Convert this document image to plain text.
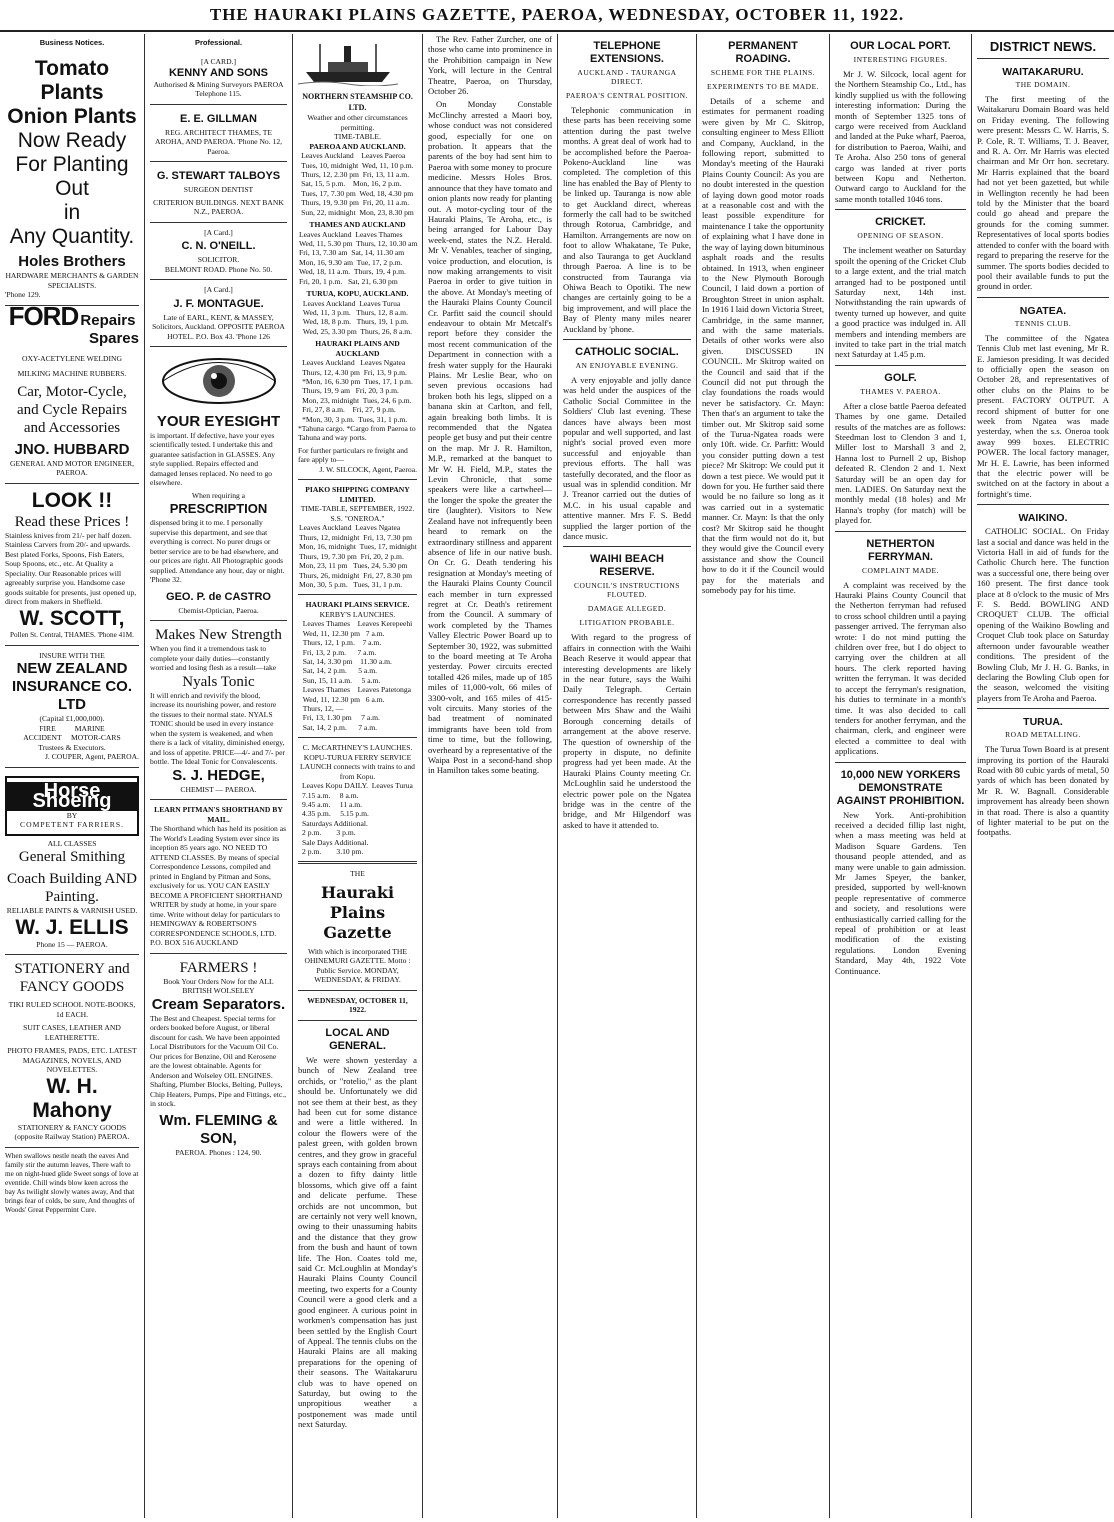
THE HAURAKI PLAINS GAZETTE, PAEROA, WEDNESDAY, OCTOBER 11, 1922.
Business Notices.
Tomato Plants
Onion Plants
Now Ready
For Planting Out
in
Any Quantity.
Holes Brothers
HARDWARE MERCHANTS & GARDEN SPECIALISTS.
'Phone 129.
FORD Repairs
Spares
OXY-ACETYLENE WELDING
MILKING MACHINE RUBBERS.
Car, Motor-Cycle, and Cycle Repairs and Accessories
JNO. HUBBARD
GENERAL AND MOTOR ENGINEER, PAEROA.
LOOK !!
Read these Prices !
Stainless knives from 21/- per half dozen. Stainless Carvers from 20/- and upwards. Best plated Forks, Spoons, Fish Eaters, Soup Spoons, etc., etc. At Quality a Speciality. Our Reasonable prices will agreeably surprise you. Handsome case goods suitable for presents, just opened up, direct from makers in Sheffield.
W. SCOTT,
Pollen St. Central, THAMES. 'Phone 41M.
INSURE WITH THE
NEW ZEALAND INSURANCE CO. LTD
(Capital £1,000,000).
FIRE          MARINE
ACCIDENT     MOTOR-CARS
Trustees & Executors.
J. COUPER, Agent, PAEROA.
Horse Shoeing
BY
COMPETENT FARRIERS.
ALL CLASSES
General Smithing
Coach Building AND Painting.
RELIABLE PAINTS & VARNISH USED.
W. J. ELLIS
Phone 15 — PAEROA.
STATIONERY and FANCY GOODS
TIKI RULED SCHOOL NOTE-BOOKS, 1d EACH.
SUIT CASES, LEATHER AND LEATHERETTE.
PHOTO FRAMES, PADS, ETC. LATEST MAGAZINES, NOVELS, AND NOVELETTES.
W. H. Mahony
STATIONERY & FANCY GOODS
(opposite Railway Station) PAEROA.
When swallows nestle neath the eaves And family stir the autumn leaves, There waft to me on night-hued glide Sweet songs of love at eventide. Chill winds blow keen across the bay As twilight slowly wanes away, And that brings fear of colds, be sure, And thoughts of Woods' Great Peppermint Cure.
Professional.
[A CARD.]
KENNY AND SONS
Authorised & Mining Surveyors PAEROA Telephone 115.
E. E. GILLMAN
REG. ARCHITECT THAMES, TE AROHA, AND PAEROA. 'Phone No. 12, Paeroa.
G. STEWART TALBOYS
SURGEON DENTIST
CRITERION BUILDINGS. NEXT BANK N.Z., PAEROA.
[A Card.]
C. N. O'NEILL.
SOLICITOR.
BELMONT ROAD. Phone No. 50.
[A Card.]
J. F. MONTAGUE.
Late of EARL, KENT, & MASSEY, Solicitors, Auckland. OPPOSITE PAEROA HOTEL. P.O. Box 43. 'Phone 126
YOUR EYESIGHT
is important. If defective, have your eyes scientifically tested. I undertake this and guarantee satisfaction in GLASSES. Any style supplied. Repairs effected and damaged lenses replaced. No need to go elsewhere.
When requiring a
PRESCRIPTION
dispensed bring it to me. I personally supervise this department, and see that everything is correct. No purer drugs or better service are to be had elsewhere, and our prices are right. All Photographic goods supplied. Attendance any hour, day or night. 'Phone 32.
GEO. P. de CASTRO
Chemist-Optician, Paeroa.
Makes New Strength
When you find it a tremendous task to complete your daily duties—constantly worried and losing flesh as a result—take
Nyals Tonic
It will enrich and revivify the blood, increase its nourishing power, and restore the tissues to their normal state. NYALS TONIC should be used in every instance when the system is weakened, and when there is a lack of vitality, diminished energy, and loss of appetite. PRICE—4/- and 7/- per bottle. The Ideal Tonic for Convalescents.
S. J. HEDGE,
CHEMIST — PAEROA.
LEARN PITMAN'S SHORTHAND BY MAIL.
The Shorthand which has held its position as The World's Leading System ever since its inception 85 years ago. NO NEED TO ATTEND CLASSES. By means of special Correspondence Lessons, compiled and printed in England by Pitman and Sons, exclusively for us. YOU CAN EASILY BECOME A PROFICIENT SHORTHAND WRITER by study at home, in your spare time. Write without delay for particulars to HEMINGWAY & ROBERTSON'S CORRESPONDENCE SCHOOLS, LTD. P.O. BOX 516 AUCKLAND
FARMERS !
Book Your Orders Now for the ALL BRITISH WOLSELEY
Cream Separators.
The Best and Cheapest. Special terms for orders booked before August, or liberal discount for cash. We have been appointed Local Distributors for the Vacuum Oil Co. Our prices for Benzine, Oil and Kerosene are the lowest obtainable. Agents for Anderson and Wolseley OIL ENGINES. Shafting, Plumber Blocks, Belting, Pulleys, Chip Heaters, Pumps, Pipe and Fittings, etc., in stock.
Wm. FLEMING & SON,
PAEROA. Phones : 124, 90.
NORTHERN STEAMSHIP CO. LTD.
Weather and other circumstances permitting.
TIME-TABLE.
PAEROA AND AUCKLAND.
Leaves Auckland    Leaves Paeroa
Tues, 10, midnight  Wed, 11, 10 p.m.
Thurs, 12, 2.30 pm  Fri, 13, 11 a.m.
Sat, 15, 5 p.m.    Mon, 16, 2 p.m.
Tues, 17, 7.30 pm  Wed, 18, 4.30 pm
Thurs, 19, 9.30 pm  Fri, 20, 11 a.m.
Sun, 22, midnight  Mon, 23, 8.30 pm
THAMES AND AUCKLAND
Leaves Auckland  Leaves Thames
Wed, 11, 5.30 pm  Thurs, 12, 10.30 am
Fri, 13, 7.30 am  Sat, 14, 11.30 am
Mon, 16, 9.30 am  Tue, 17, 2 p.m.
Wed, 18, 11 a.m.  Thurs, 19, 4 p.m.
Fri, 20, 1 p.m.   Sat, 21, 6.30 pm
TURUA, KOPU, AUCKLAND.
Leaves Auckland  Leaves Turua
Wed, 11, 3 p.m.   Thurs, 12, 8 a.m.
Wed, 18, 8 p.m.   Thurs, 19, 1 p.m.
Wed, 25, 3.30 pm  Thurs, 26, 8 a.m.
HAURAKI PLAINS AND AUCKLAND
Leaves Auckland   Leaves Ngatea
Thurs, 12, 4.30 pm  Fri, 13, 9 p.m.
*Mon, 16, 6.30 pm  Tues, 17, 1 p.m.
Thurs, 19, 9 am   Fri, 20, 3 p.m.
Mon, 23, midnight  Tues, 24, 6 p.m.
Fri, 27, 8 a.m.    Fri, 27, 9 p.m.
*Mon, 30, 3 p.m.  Tues, 31, 1 p.m.
*Tahuna cargo. *Cargo from Paeroa to Tahuna and way ports.
For further particulars re freight and fare apply to—
J. W. SILCOCK, Agent, Paeroa.
PIAKO SHIPPING COMPANY LIMITED.
TIME-TABLE, SEPTEMBER, 1922. S.S. "ONEROA."
Leaves Auckland  Leaves Ngatea
Thurs, 12, midnight  Fri, 13, 7.30 pm
Mon, 16, midnight  Tues, 17, midnight
Thurs, 19, 7.30 pm  Fri, 20, 2 p.m.
Mon, 23, 11 pm   Tues, 24, 5.30 pm
Thurs, 26, midnight  Fri, 27, 8.30 pm
Mon, 30, 5 p.m.   Tues, 31, 1 p.m.
HAURAKI PLAINS SERVICE.
KERBY'S LAUNCHES.
Leaves Thames    Leaves Kerepeehi
Wed, 11, 12.30 pm   7 a.m.
Thurs, 12, 1 p.m.    7 a.m.
Fri, 13, 2 p.m.      7 a.m.
Sat, 14, 3.30 pm    11.30 a.m.
Sat, 14, 2 p.m.      5 a.m.
Sun, 15, 11 a.m.     5 a.m.
Leaves Thames    Leaves Patetonga
Wed, 11, 12.30 pm   6 a.m.
Thurs, 12, —
Fri, 13, 1.30 pm     7 a.m.
Sat, 14, 2 p.m.      7 a.m.
C. McCARTHNEY'S LAUNCHES. KOPU-TURUA FERRY SERVICE LAUNCH connects with trains to and from Kopu.
Leaves Kopu DAILY.  Leaves Turua
7.15 a.m.     8 a.m.
9.45 a.m.     11 a.m.
4.35 p.m.     5.15 p.m.
Saturdays Additional.
2 p.m.        3 p.m.
Sale Days Additional.
2 p.m.        3.10 pm.
THE
Hauraki Plains Gazette
With which is incorporated THE OHINEMURI GAZETTE. Motto : Public Service. MONDAY, WEDNESDAY, & FRIDAY.
WEDNESDAY, OCTOBER 11, 1922.
LOCAL AND GENERAL.

We were shown yesterday a bunch of New Zealand tree orchids, or "rotelio," as the plant should be. Unfortunately we did not see them at their best, as they had been cut for some distance and were a little withered. In colour the flowers were of the palest green, with golden brown centres, and they grow in graceful sprays each containing from about a dozen to fifty dainty little blossoms, which give off a faint and delicate perfume. These orchids are not uncommon, but are certainly not very well known, owing to their unassuming habits and the distance that they grow from the bush and haunt of town life. The Hon. Coates told me, said Cr. McLoughlin at Monday's Hauraki Plains County Council meeting, two experts for a County Council were a good clerk and a good engineer. A curious point in workmen's compensation has just been settled by the English Court of Appeal. The tennis clubs on the Hauraki Plains are all making preparations for the opening of their seasons. The Waitakaruru club was to have opened on Saturday, but owing to the unpropitious weather a postponement was made until next Saturday.

The Rev. Father Zurcher, one of those who came into prominence in the Prohibition campaign in New York, will lecture in the Central Theatre, Paeroa, on Thursday, October 26.

On Monday Constable McClinchy arrested a Maori boy, whose conduct was not considered good, especially for one on probation. It appears that the parents of the boy had sent him to Paeroa with some money to procure medicine. Messrs Holes Bros. announce that they have tomato and onion plants now ready for planting out. A motor-cycling tour of the Hauraki Plains, Te Aroha, etc., is being arranged for Labour Day week-end, states the N.Z. Herald. Mr V. Venables, teacher of singing, voice production, and elocution, is now making arrangements to visit Paeroa in order to give tuition in the above. At Monday's meeting of the Hauraki Plains County Council Cr. Parfitt said the council should endeavour to obtain Mr Metcalf's report before they consider the most recent communication of the Department in connection with a fresh water supply for the Hauraki Plains. Mr Leslie Bear, who on seven previous occasions had broken both his legs, slipped on a banana skin at Carlton, and fell, again breaking both limbs. It is recommended that the Ngatea people get busy and put their centre on the map. Mr J. R. Hamilton, M.P., remarked at the banquet to Mr W. H. Field, M.P., states the Levin Chronicle, that some speakers were like a cartwheel—the longer the spoke the greater the tire (laughter). Visitors to New Zealand have not infrequently been heard to remark on the extraordinary stillness and apparent absence of life in our native bush. On Cr. G. Death tendering his resignation at Monday's meeting of the Hauraki Plains County Council each member in turn expressed regret at Cr. Death's retirement from the Council. A summary of work completed by the Thames Valley Electric Power Board up to September 30, 1922, was submitted to the board meeting at Te Aroha yesterday. Power circuits erected totalled 426 miles, made up of 185 miles of 11,000-volt, 66 miles of 3300-volt, and 165 miles of 415-volt circuits. Many stories of the bad treatment of nominated immigrants have been told from time to time, but the following, overheard by a representative of the Waipa Post in a second-hand shop in Hamilton takes some beating.

TELEPHONE EXTENSIONS.
AUCKLAND - TAURANGA DIRECT.
PAEROA'S CENTRAL POSITION.

Telephonic communication in these parts has been receiving some attention during the past twelve months. A great deal of work had to be accomplished before the Paeroa-Pokeno-Auckland line was completed. The completion of this line has enabled the Bay of Plenty to be linked up. Tauranga is now able to get Auckland direct, whereas formerly the call had to be switched through Rotorua, Cambridge, and Hamilton. Arrangements are now on foot to allow Whakatane, Te Puke, and also Tauranga to get Auckland through Paeroa. A line is to be constructed from Tauranga via Ohiwa Beach to Opotiki. The new changes are certainly going to be a big improvement, and will place the Bay of Plenty many miles nearer Auckland by 'phone.

CATHOLIC SOCIAL.
AN ENJOYABLE EVENING.

A very enjoyable and jolly dance was held under the auspices of the Catholic Social Committee in the Soldiers' Club last evening. These dances have always been most popular and well supported, and last night's social proved even more successful and enjoyable than previous efforts. The hall was tastefully decorated, and the floor as usual was in splendid condition. Mr J. Treanor carried out the duties of M.C. in his usual capable and attentive manner. Mrs F. S. Bedd supplied the larger portion of the dance music.

WAIHI BEACH RESERVE.
COUNCIL'S INSTRUCTIONS FLOUTED.
DAMAGE ALLEGED.
LITIGATION PROBABLE.

With regard to the progress of affairs in connection with the Waihi Beach Reserve it would appear that interesting developments are likely in the near future, says the Waihi Daily Telegraph. Certain correspondence has recently passed between Mrs Shaw and the Waihi Borough concerning details of arrangement at the above reserve. The question of ownership of the property in dispute, no definite progress had yet been made. At the Hauraki Plains County meeting Cr. McLoughlin said he understood the electric power pole on the Ngatea bridge was in the centre of the bridge, and Mr Hilgendorf was asked to have it attended to.

PERMANENT ROADING.
SCHEME FOR THE PLAINS.
EXPERIMENTS TO BE MADE.

Details of a scheme and estimates for permanent roading were given by Mr C. Skitrop, consulting engineer to Mess Elliott and Company, Auckland, in the following report, submitted to Monday's meeting of the Hauraki Plains County Council: As you are no doubt interested in the question of laying down good motor roads at a reasonable cost and with the least possible expenditure for maintenance I take the opportunity of explaining what I have done in the way of laying down bituminous asphalt roads and the results obtained. In 1913, when engineer to the New Plymouth Borough Council, I laid down a portion of Broughton Street in union asphalt. In 1916 I laid down Victoria Street, Cambridge, in the same manner, and with the same materials. Details of other works were also given. DISCUSSED IN COUNCIL. Mr Skitrop waited on the Council and said that if the Council did not put through the clay foundations the roads would never be satisfactory. Cr. Mayn: Then that's an argument to take the timber out. Mr Skitrop said some of the Turua-Ngatea roads were only 10ft. wide. Cr. Parfitt: Would you consider putting down a test piece? Mr Skitrop: We could put it down a test piece. We would put it down for you. He further said there would be no failure so long as it was carried out in a systematic manner. Cr. Mayn: Is that the only cost? Mr Skitrop said he thought that the firm would not do it, but they would give the Council every assistance and show the Council how to do it if the Council would pay for the materials and somebody pay for his time.

OUR LOCAL PORT.
INTERESTING FIGURES.

Mr J. W. Silcock, local agent for the Northern Steamship Co., Ltd., has kindly supplied us with the following interesting information: During the month of September 1325 tons of cargo were received from Auckland and landed at the Puke wharf, Paeroa, for distribution to Paeroa, Waihi, and Te Aroha. Also 250 tons of general cargo was landed at river ports between Kopu and Netherton. Outward cargo to Auckland for the same month totalled 1046 tons.

CRICKET.
OPENING OF SEASON.

The inclement weather on Saturday spoilt the opening of the Cricket Club to a large extent, and the trial match arranged had to be postponed until Saturday next, 14th inst. Notwithstanding the rain upwards of twenty turned up however, and quite a good practice was indulged in. All members and intending members are invited to take part in the trial match next Saturday at 1.45 p.m.

GOLF.
THAMES V. PAEROA.

After a close battle Paeroa defeated Thames by one game. Detailed results of the matches are as follows: Steedman lost to Clendon 3 and 1, Miller lost to Marshall 3 and 2, Hanna lost to Purnell 2 up, Bishop defeated R. Clendon 2 and 1. Next Saturday will be an open day for men. LADIES. On Saturday next the monthly medal (18 holes) and Mr Hanna's trophy (for match) will be played for.

NETHERTON FERRYMAN.
COMPLAINT MADE.

A complaint was received by the Hauraki Plains County Council that the Netherton ferryman had refused to cross school children until a paying passenger arrived. The ferryman also wrote: I do not mind putting the children over free, but I do object to carrying over the children at all hours. The clerk reported having written the ferryman. It was decided to accept the ferryman's resignation, his duties to terminate in a month's time. It was also decided to call tenders for another ferryman, and the chairman, clerk, and engineer were elected a committee to deal with applications.

10,000 NEW YORKERS DEMONSTRATE AGAINST PROHIBITION.

New York. Anti-prohibition received a decided fillip last night, when a mass meeting was held at Madison Square Gardens. Ten thousand people attended, and as many were unable to gain admission. Mr James Speyer, the banker, presided, supported by well-known people representative of commerce and society, and resolutions were enthusiastically carried calling for the repeal of prohibition or at least modification of the existing regulations. London Evening Standard, May 4th, 1922 Vote Continuance.

DISTRICT NEWS.
WAITAKARURU.
THE DOMAIN.

The first meeting of the Waitakaruru Domain Board was held on Friday evening. The following were present: Messrs C. W. Harris, S. P. Cole, R. T. Williams, T. J. Beaver, and R. A. Orr. Mr Harris was elected chairman and Mr Orr hon. secretary. Mr Harris explained that the board had not yet been gazetted, but while in Wellington recently he had been told by the Minister that the board could go ahead and prepare the grounds for the coming summer. Representatives of local sports bodies attended to confer with the board with regard to preparing the reserve for the summer. The sports bodies decided to pool their available funds to put the ground in order.

NGATEA.
TENNIS CLUB.

The committee of the Ngatea Tennis Club met last evening, Mr R. E. Jamieson presiding. It was decided to officially open the season on October 28, and representatives of other clubs on the Plains to be present. FACTORY OUTPUT. A record shipment of butter for one week from Ngatea was made yesterday, when the s.s. Oneroa took away 999 boxes. ELECTRIC POWER. The local factory manager, Mr H. E. Lawrie, has been informed that the electric power will be switched on at the factory in about a fortnight's time.

WAIKINO.

CATHOLIC SOCIAL. On Friday last a social and dance was held in the Victoria Hall in aid of funds for the Catholic Church here. The function was a successful one, there being over 160 present. The first dance took place at 8 o'clock to the music of Mrs F. S. Bedd. BOWLING AND CROQUET CLUB. The official opening of the Waikino Bowling and Croquet Club took place on Saturday afternoon under favourable weather conditions. The president of the Bowling Club, Mr J. H. G. Banks, in declaring the Bowling Club open for the season, welcomed the visiting players from Te Aroha and Paeroa.

TURUA.
ROAD METALLING.

The Turua Town Board is at present improving its portion of the Hauraki Road with 80 cubic yards of metal, 50 yards of which has been donated by Mr R. W. Bagnall. Considerable improvement has already been shown in that road. There is also a quantity of lighter material to be put on the footpaths.
